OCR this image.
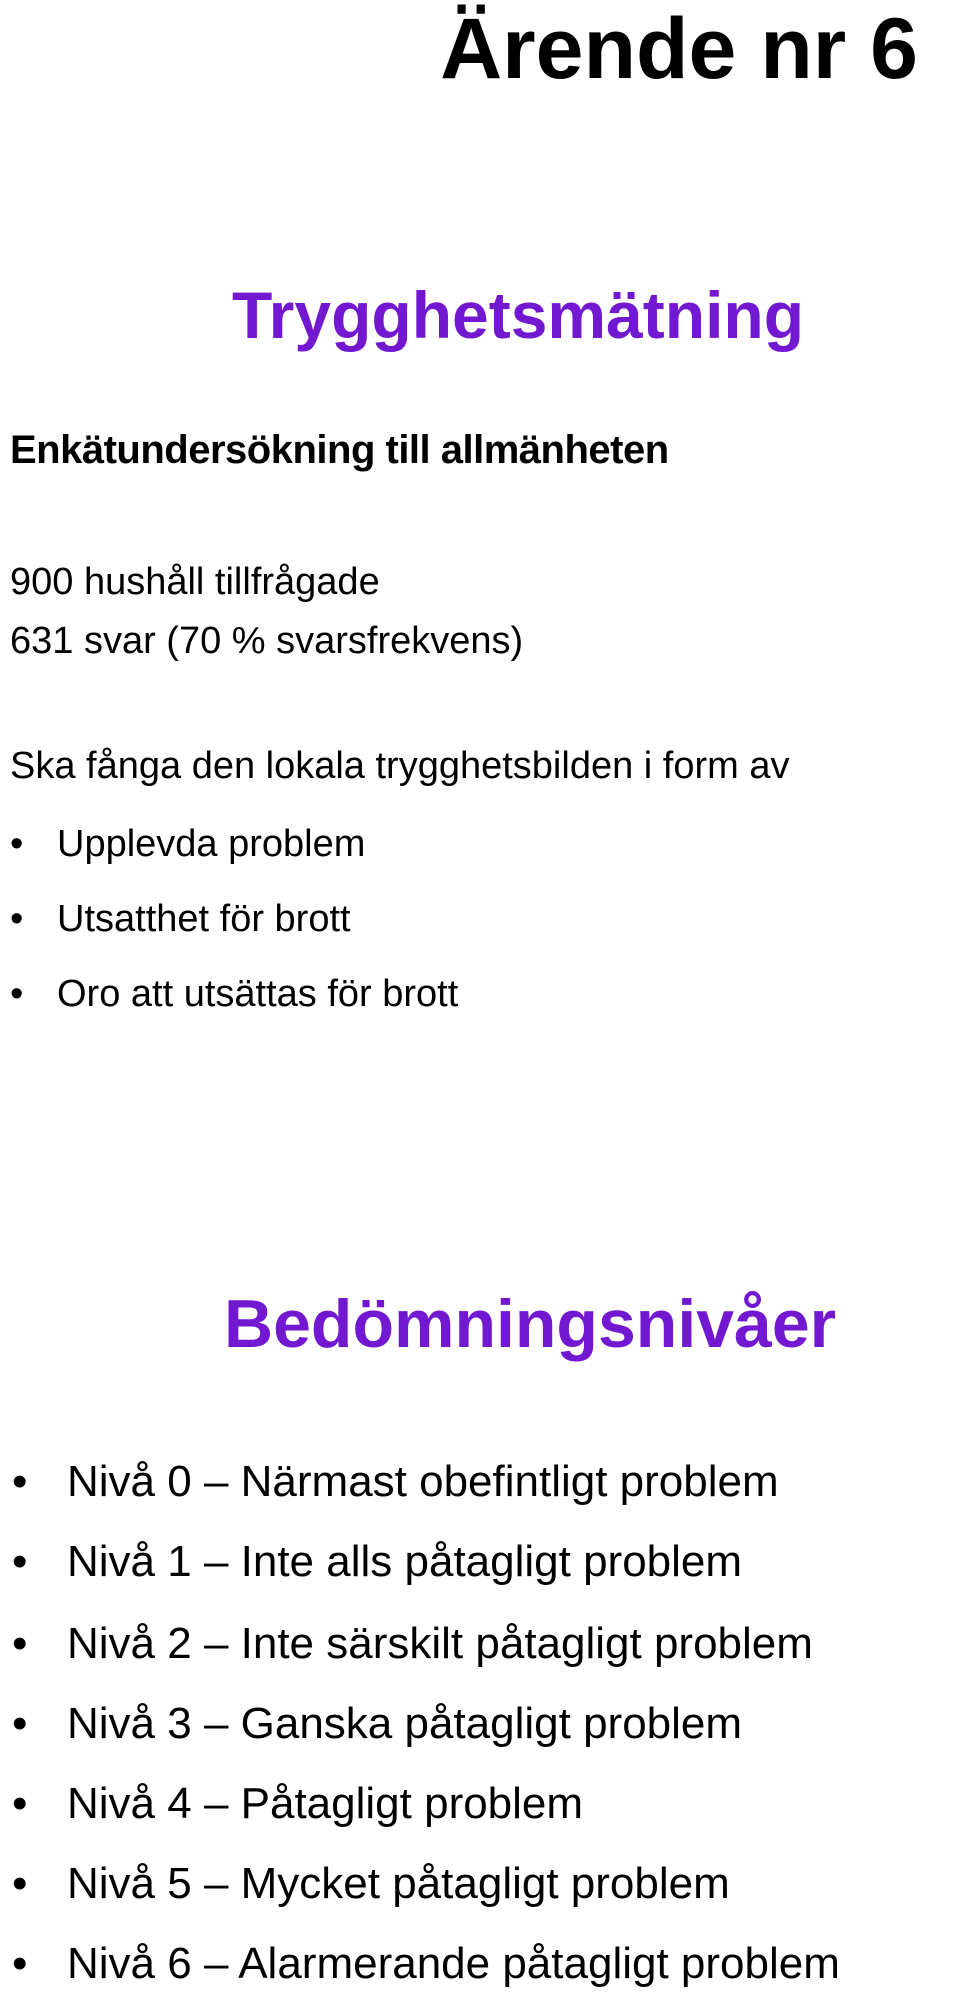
Ärende nr 6
Trygghetsmätning
Enkätundersökning till allmänheten
900 hushåll tillfrågade
631 svar (70 % svarsfrekvens)
Ska fånga den lokala trygghetsbilden i form av
• Upplevda problem
• Utsatthet för brott
• Oro att utsättas för brott
Bedömningsnivåer
• Nivå 0 – Närmast obefintligt problem
• Nivå 1 – Inte alls påtagligt problem
• Nivå 2 – Inte särskilt påtagligt problem
• Nivå 3 – Ganska påtagligt problem
• Nivå 4 – Påtagligt problem
• Nivå 5 – Mycket påtagligt problem
• Nivå 6 – Alarmerande påtagligt problem
